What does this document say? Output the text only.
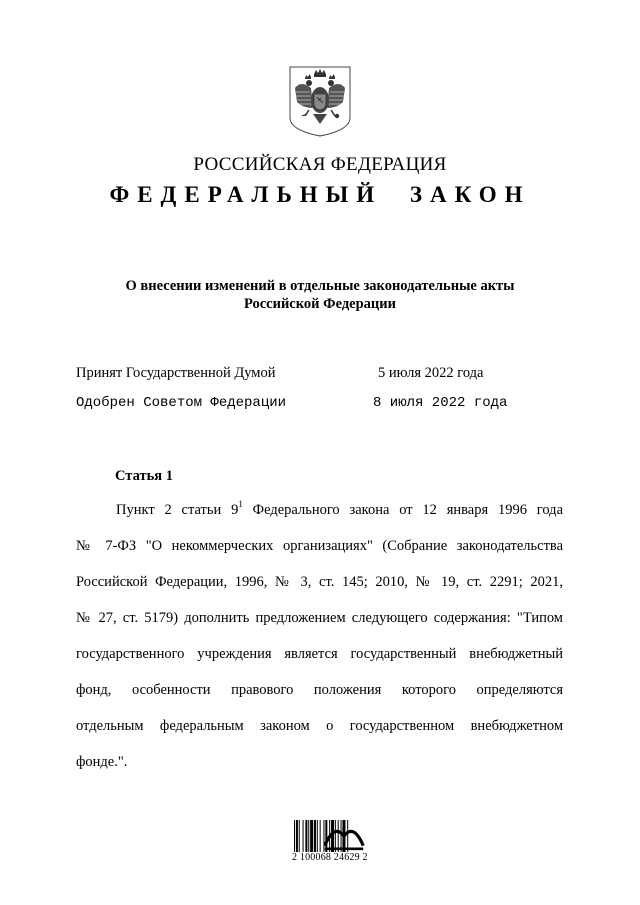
РОССИЙСКАЯ ФЕДЕРАЦИЯ
ФЕДЕРАЛЬНЫЙ ЗАКОН
О внесении изменений в отдельные законодательные акты
Российской Федерации
Принят Государственной Думой	5 июля 2022 года
Одобрен Советом Федерации	8 июля 2022 года
Статья 1
Пункт 2 статьи $9^1$ Федерального закона от 12 января 1996 года
№ 7-ФЗ "О некоммерческих организациях" (Собрание законодательства
Российской Федерации, 1996, № 3, ст. 145; 2010, № 19, ст. 2291; 2021,
№ 27, ст. 5179) дополнить предложением следующего содержания: "Типом
государственного учреждения является государственный внебюджетный
фонд, особенности правового положения которого определяются
отдельным федеральным законом о государственном внебюджетном
фонде.".
2 100068 24629 2
